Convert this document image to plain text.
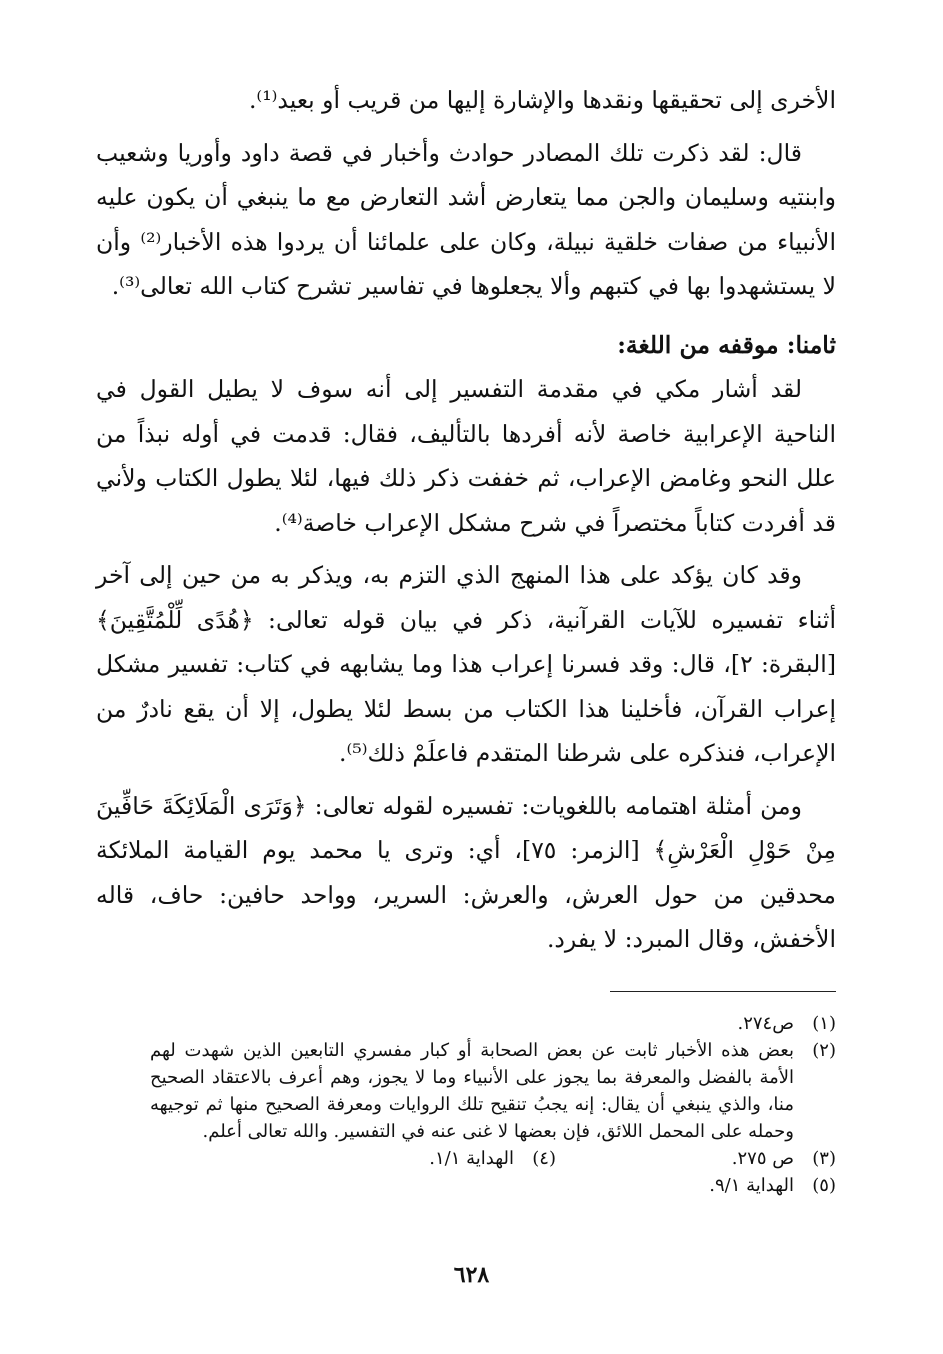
الأخرى إلى تحقيقها ونقدها والإشارة إليها من قريب أو بعيد⁽¹⁾.

قال: لقد ذكرت تلك المصادر حوادث وأخبار في قصة داود وأوريا وشعيب وابنتيه وسليمان والجن مما يتعارض أشد التعارض مع ما ينبغي أن يكون عليه الأنبياء من صفات خلقية نبيلة، وكان على علمائنا أن يردوا هذه الأخبار⁽²⁾ وأن لا يستشهدوا بها في كتبهم وألا يجعلوها في تفاسير تشرح كتاب الله تعالى⁽³⁾.

ثامنا: موقفه من اللغة:

لقد أشار مكي في مقدمة التفسير إلى أنه سوف لا يطيل القول في الناحية الإعرابية خاصة لأنه أفردها بالتأليف، فقال: قدمت في أوله نبذاً من علل النحو وغامض الإعراب، ثم خففت ذكر ذلك فيها، لئلا يطول الكتاب ولأني قد أفردت كتاباً مختصراً في شرح مشكل الإعراب خاصة⁽⁴⁾.

وقد كان يؤكد على هذا المنهج الذي التزم به، ويذكر به من حين إلى آخر أثناء تفسيره للآيات القرآنية، ذكر في بيان قوله تعالى: ﴿هُدًى لِّلْمُتَّقِينَ﴾ [البقرة: ٢]، قال: وقد فسرنا إعراب هذا وما يشابهه في كتاب: تفسير مشكل إعراب القرآن، فأخلينا هذا الكتاب من بسط لئلا يطول، إلا أن يقع نادرٌ من الإعراب، فنذكره على شرطنا المتقدم فاعلَمْ ذلك⁽⁵⁾.

ومن أمثلة اهتمامه باللغويات: تفسيره لقوله تعالى: ﴿وَتَرَى الْمَلَائِكَةَ حَافِّينَ مِنْ حَوْلِ الْعَرْشِ﴾ [الزمر: ٧٥]، أي: وترى يا محمد يوم القيامة الملائكة محدقين من حول العرش، والعرش: السرير، وواحد حافين: حاف، قاله الأخفش، وقال المبرد: لا يفرد.

(١)
ص٢٧٤.
(٢)
بعض هذه الأخبار ثابت عن بعض الصحابة أو كبار مفسري التابعين الذين شهدت لهم الأمة بالفضل والمعرفة بما يجوز على الأنبياء وما لا يجوز، وهم أعرف بالاعتقاد الصحيح منا، والذي ينبغي أن يقال: إنه يجبُ تنقيح تلك الروايات ومعرفة الصحيح منها ثم توجيهه وحمله على المحمل اللائق، فإن بعضها لا غنى عنه في التفسير. والله تعالى أعلم.
(٣)
ص ٢٧٥.
(٤)
الهداية ١/١.
(٥)
الهداية ٩/١.
٦٢٨
